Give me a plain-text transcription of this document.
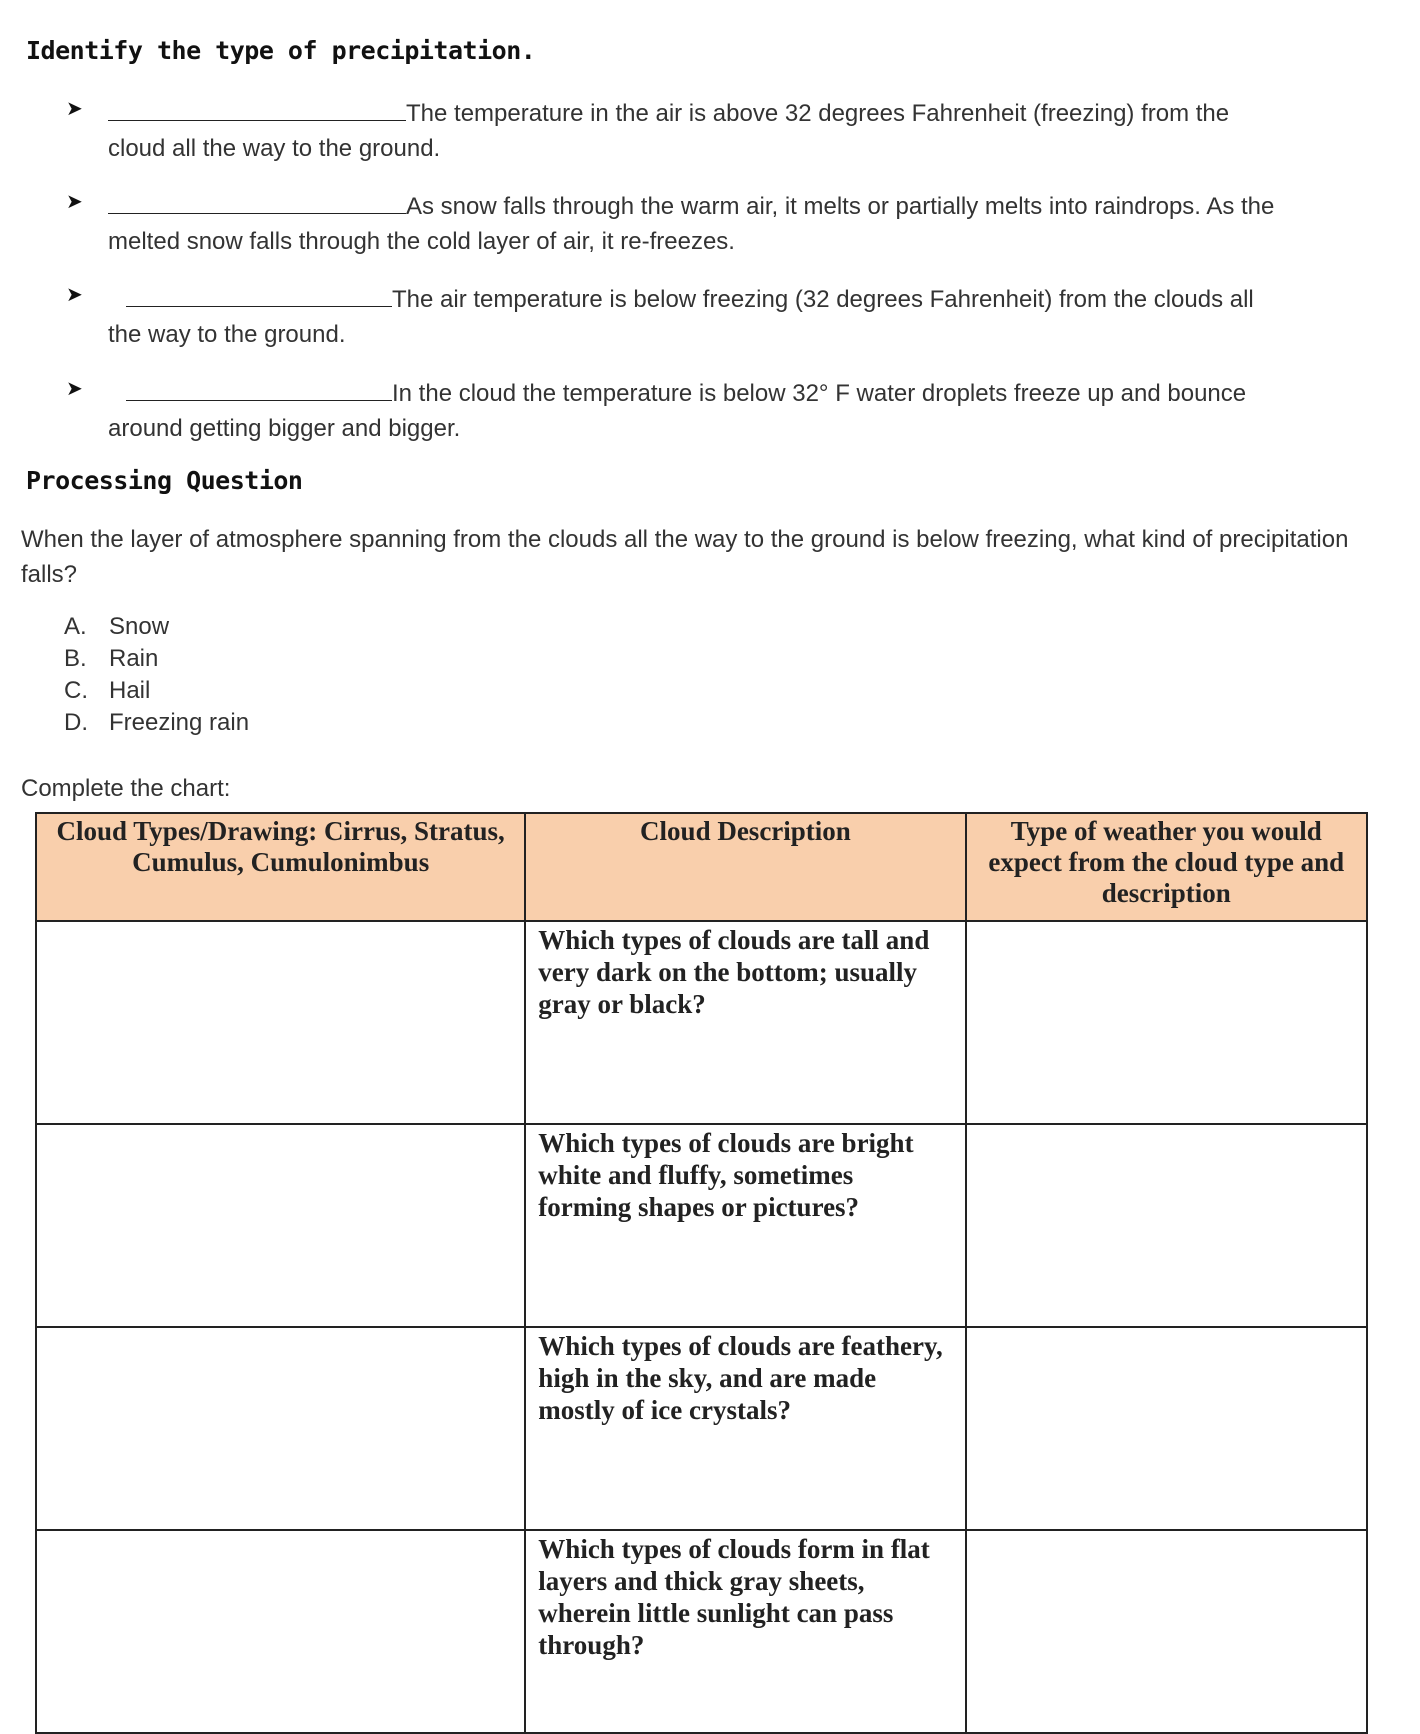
Identify the type of precipitation.
➤	The temperature in the air is above 32 degrees Fahrenheit (freezing) from the
cloud all the way to the ground.
➤	As snow falls through the warm air, it melts or partially melts into raindrops. As the
melted snow falls through the cold layer of air, it re-freezes.
➤	The air temperature is below freezing (32 degrees Fahrenheit) from the clouds all
the way to the ground.
➤	In the cloud the temperature is below 32° F water droplets freeze up and bounce
around getting bigger and bigger.
Processing Question
When the layer of atmosphere spanning from the clouds all the way to the ground is below freezing, what kind of precipitation falls?
A. Snow
B. Rain
C. Hail
D. Freezing rain
Complete the chart:
Cloud Types/Drawing: Cirrus, Stratus, Cumulus, Cumulonimbus	Cloud Description	Type of weather you would expect from the cloud type and description
	Which types of clouds are tall and very dark on the bottom; usually gray or black?	
	Which types of clouds are bright white and fluffy, sometimes forming shapes or pictures?	
	Which types of clouds are feathery, high in the sky, and are made mostly of ice crystals?	
	Which types of clouds form in flat layers and thick gray sheets, wherein little sunlight can pass through?	
